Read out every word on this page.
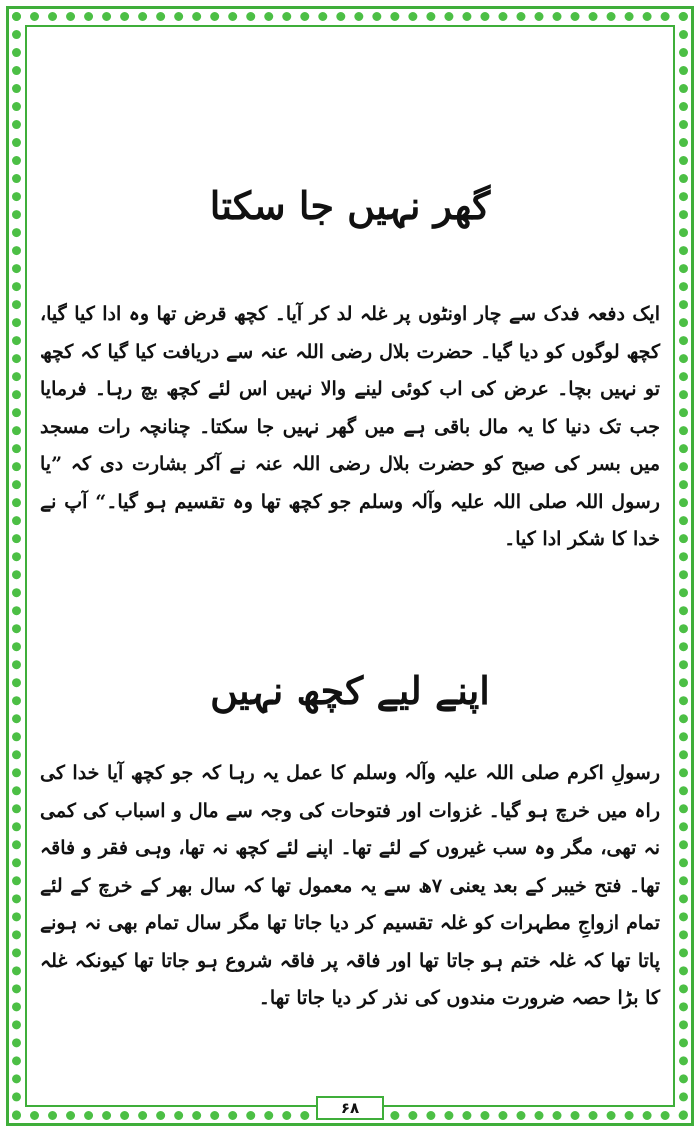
گھر نہیں جا سکتا

ایک دفعہ فدک سے چار اونٹوں پر غلہ لد کر آیا۔ کچھ قرض تھا وہ ادا کیا گیا، کچھ لوگوں کو دیا گیا۔ حضرت بلال رضی اللہ عنہ سے دریافت کیا گیا کہ کچھ تو نہیں بچا۔ عرض کی اب کوئی لینے والا نہیں اس لئے کچھ بچ رہا۔ فرمایا جب تک دنیا کا یہ مال باقی ہے میں گھر نہیں جا سکتا۔ چنانچہ رات مسجد میں بسر کی صبح کو حضرت بلال رضی اللہ عنہ نے آکر بشارت دی کہ ”یا رسول اللہ صلی اللہ علیہ وآلہ وسلم جو کچھ تھا وہ تقسیم ہو گیا۔“ آپ نے خدا کا شکر ادا کیا۔

اپنے لیے کچھ نہیں

رسولِ اکرم صلی اللہ علیہ وآلہ وسلم کا عمل یہ رہا کہ جو کچھ آیا خدا کی راہ میں خرچ ہو گیا۔ غزوات اور فتوحات کی وجہ سے مال و اسباب کی کمی نہ تھی، مگر وہ سب غیروں کے لئے تھا۔ اپنے لئے کچھ نہ تھا، وہی فقر و فاقہ تھا۔ فتح خیبر کے بعد یعنی ۷ھ سے یہ معمول تھا کہ سال بھر کے خرچ کے لئے تمام ازواجِ مطہرات کو غلہ تقسیم کر دیا جاتا تھا مگر سال تمام بھی نہ ہونے پاتا تھا کہ غلہ ختم ہو جاتا تھا اور فاقہ پر فاقہ شروع ہو جاتا تھا کیونکہ غلہ کا بڑا حصہ ضرورت مندوں کی نذر کر دیا جاتا تھا۔

۶۸
